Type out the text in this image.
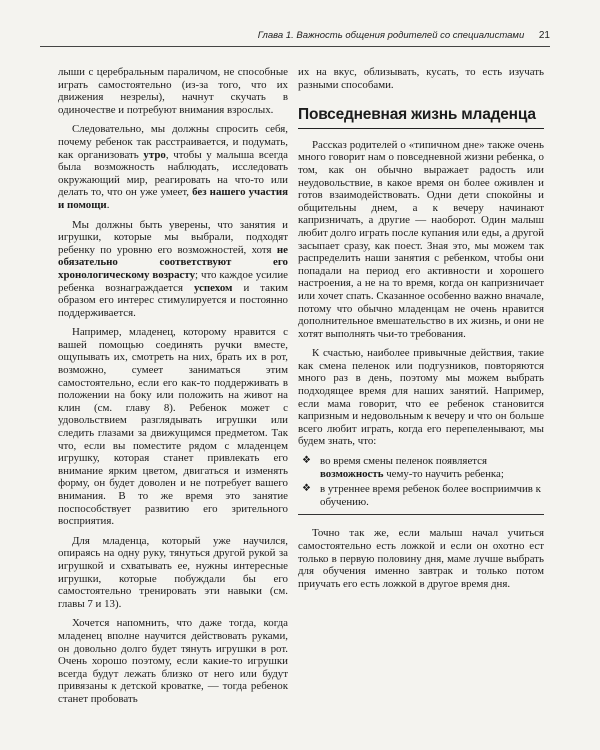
Глава 1. Важность общения родителей со специалистами 21

лыши с церебральным параличом, не способные играть самостоятельно (из-за того, что их движения незрелы), начнут скучать в одиночестве и потребуют внимания взрослых.

Следовательно, мы должны спросить себя, почему ребенок так расстраивается, и подумать, как организовать утро, чтобы у малыша всегда была возможность наблюдать, исследовать окружающий мир, реагировать на что-то или делать то, что он уже умеет, без нашего участия и помощи.

Мы должны быть уверены, что занятия и игрушки, которые мы выбрали, подходят ребенку по уровню его возможностей, хотя не обязательно соответствуют его хронологическому возрасту; что каждое усилие ребенка вознаграждается успехом и таким образом его интерес стимулируется и постоянно поддерживается.

Например, младенец, которому нравится с вашей помощью соединять ручки вместе, ощупывать их, смотреть на них, брать их в рот, возможно, сумеет заниматься этим самостоятельно, если его как-то поддерживать в положении на боку или положить на живот на клин (см. главу 8). Ребенок может с удовольствием разглядывать игрушки или следить глазами за движущимся предметом. Так что, если вы поместите рядом с младенцем игрушку, которая станет привлекать его внимание ярким цветом, двигаться и изменять форму, он будет доволен и не потребует вашего внимания. В то же время это занятие поспособствует развитию его зрительного восприятия.

Для младенца, который уже научился, опираясь на одну руку, тянуться другой рукой за игрушкой и схватывать ее, нужны интересные игрушки, которые побуждали бы его самостоятельно тренировать эти навыки (см. главы 7 и 13).

Хочется напомнить, что даже тогда, когда младенец вполне научится действовать руками, он довольно долго будет тянуть игрушки в рот. Очень хорошо поэтому, если какие-то игрушки всегда будут лежать близко от него или будут привязаны к детской кроватке, — тогда ребенок станет пробовать

их на вкус, облизывать, кусать, то есть изучать разными способами.

Повседневная жизнь младенца

Рассказ родителей о «типичном дне» также очень много говорит нам о повседневной жизни ребенка, о том, как он обычно выражает радость или неудовольствие, в какое время он более оживлен и готов взаимодействовать. Одни дети спокойны и общительны днем, а к вечеру начинают капризничать, а другие — наоборот. Один малыш любит долго играть после купания или еды, а другой засыпает сразу, как поест. Зная это, мы можем так распределить наши занятия с ребенком, чтобы они попадали на период его активности и хорошего настроения, а не на то время, когда он капризничает или хочет спать. Сказанное особенно важно вначале, потому что обычно младенцам не очень нравится дополнительное вмешательство в их жизнь, и они не хотят выполнять чьи-то требования.

К счастью, наиболее привычные действия, такие как смена пеленок или подгузников, повторяются много раз в день, поэтому мы можем выбрать подходящее время для наших занятий. Например, если мама говорит, что ее ребенок становится капризным и недовольным к вечеру и что он больше всего любит играть, когда его перепеленывают, мы будем знать, что:

❖ во время смены пеленок появляется возможность чему-то научить ребенка;
❖ в утреннее время ребенок более восприимчив к обучению.

Точно так же, если малыш начал учиться самостоятельно есть ложкой и если он охотно ест только в первую половину дня, маме лучше выбрать для обучения именно завтрак и только потом приучать его есть ложкой в другое время дня.
